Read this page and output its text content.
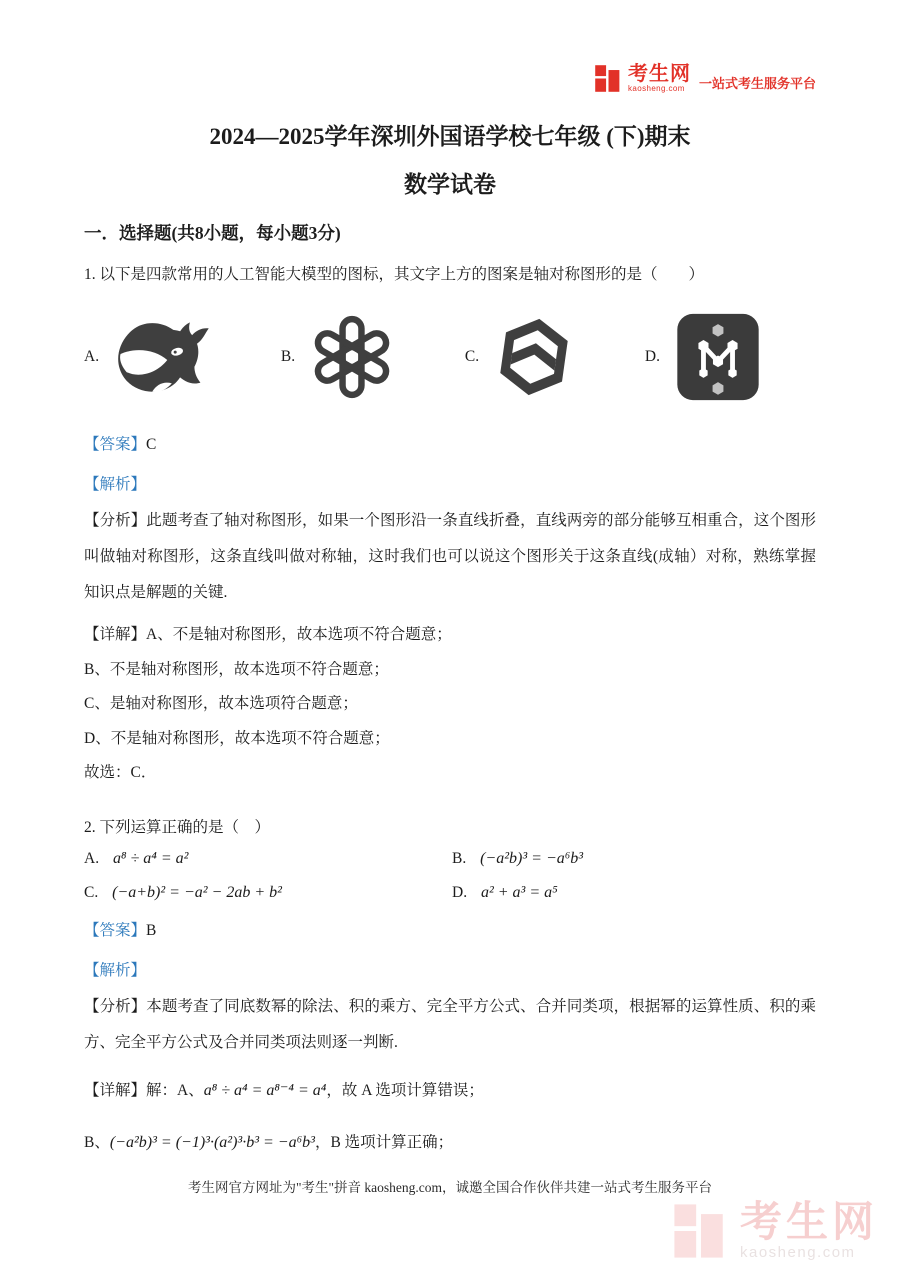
考生网
kaosheng.com	一站式考生服务平台
2024—2025学年深圳外国语学校七年级 (下)期末
数学试卷
一．选择题(共8小题，每小题3分)

1. 以下是四款常用的人工智能大模型的图标，其文字上方的图案是轴对称图形的是（　　）

A.	B.	C.	D.

【答案】C

【解析】

【分析】此题考查了轴对称图形，如果一个图形沿一条直线折叠，直线两旁的部分能够互相重合，这个图形叫做轴对称图形，这条直线叫做对称轴，这时我们也可以说这个图形关于这条直线(成轴）对称，熟练掌握知识点是解题的关键.

【详解】A、不是轴对称图形，故本选项不符合题意；

B、不是轴对称图形，故本选项不符合题意；

C、是轴对称图形，故本选项符合题意；

D、不是轴对称图形，故本选项不符合题意；

故选：C．

2. 下列运算正确的是（　）

A. a⁸ ÷ a⁴ = a²	B. (−a²b)³ = −a⁶b³
C. (−a+b)² = −a² − 2ab + b²	D. a² + a³ = a⁵

【答案】B

【解析】

【分析】本题考查了同底数幂的除法、积的乘方、完全平方公式、合并同类项，根据幂的运算性质、积的乘方、完全平方公式及合并同类项法则逐一判断.

【详解】解：A、a⁸ ÷ a⁴ = a⁸⁻⁴ = a⁴，故 A 选项计算错误；

B、(−a²b)³ = (−1)³·(a²)³·b³ = −a⁶b³，B 选项计算正确；

考生网官方网址为"考生"拼音 kaosheng.com，诚邀全国合作伙伴共建一站式考生服务平台
考生网
kaosheng.com
